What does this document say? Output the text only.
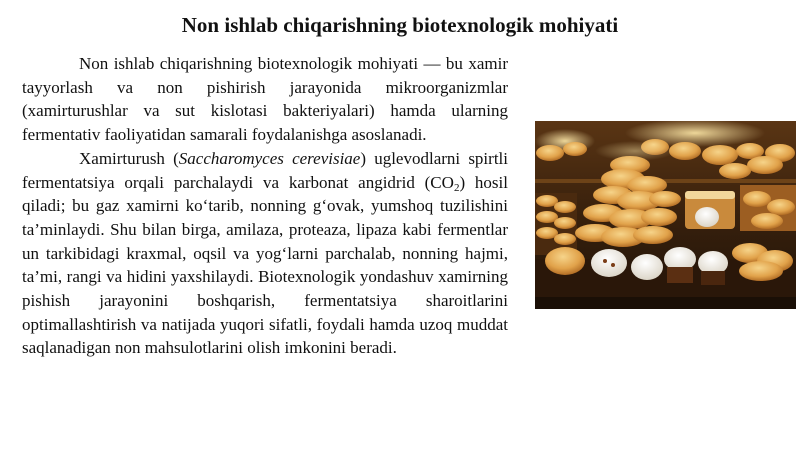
Non ishlab chiqarishning biotexnologik mohiyati

Non ishlab chiqarishning biotexnologik mohiyati — bu xamir tayyorlash va non pishirish jarayonida mikroorganizmlar (xamirturushlar va sut kislotasi bakteriyalari) hamda ularning fermentativ faoliyatidan samarali foydalanishga asoslanadi.

Xamirturush (Saccharomyces cerevisiae) uglevodlarni spirtli fermentatsiya orqali parchalaydi va karbonat angidrid $(CO_2)$ hosil qiladi; bu gaz xamirni ko‘tarib, nonning g‘ovak, yumshoq tuzilishini ta’minlaydi. Shu bilan birga, amilaza, proteaza, lipaza kabi fermentlar un tarkibidagi kraxmal, oqsil va yog‘larni parchalab, nonning hajmi, ta’mi, rangi va hidini yaxshilaydi. Biotexnologik yondashuv xamirning pishish jarayonini boshqarish, fermentatsiya sharoitlarini optimallashtirish va natijada yuqori sifatli, foydali hamda uzoq muddat saqlanadigan non mahsulotlarini olish imkonini beradi.
